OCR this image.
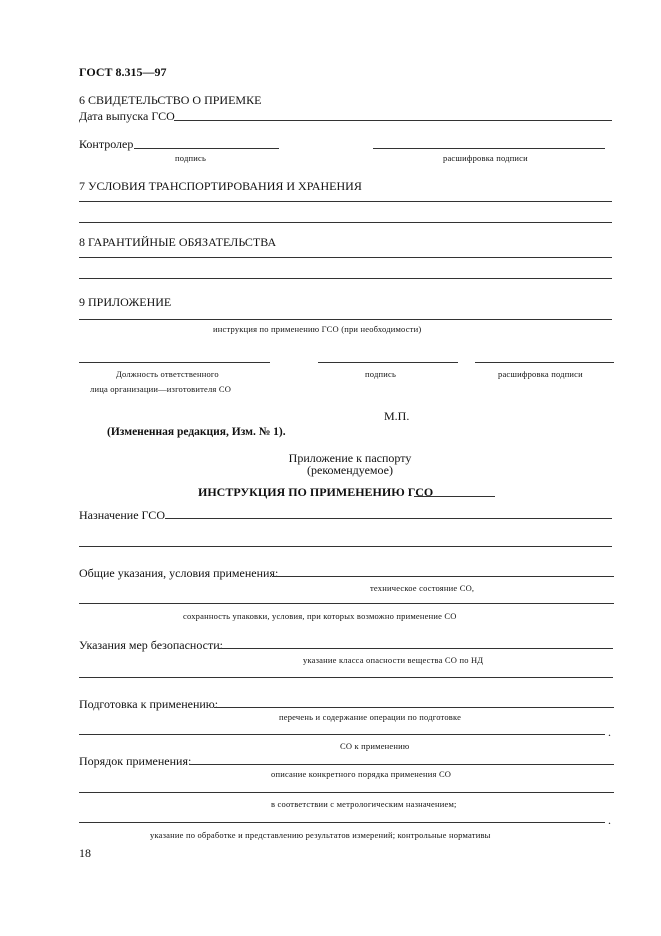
ГОСТ 8.315—97
6 СВИДЕТЕЛЬСТВО О ПРИЕМКЕ
Дата выпуска ГСО
Контролер
подпись	расшифровка подписи
7 УСЛОВИЯ ТРАНСПОРТИРОВАНИЯ И ХРАНЕНИЯ
8 ГАРАНТИЙНЫЕ ОБЯЗАТЕЛЬСТВА
9 ПРИЛОЖЕНИЕ
инструкция по применению ГСО (при необходимости)
Должность ответственного	подпись	расшифровка подписи
лица организации—изготовителя СО
М.П.
(Измененная редакция, Изм. № 1).
Приложение к паспорту
(рекомендуемое)
ИНСТРУКЦИЯ ПО ПРИМЕНЕНИЮ ГСО
Назначение ГСО
Общие указания, условия применения:
техническое состояние СО,
сохранность упаковки, условия, при которых возможно применение СО
Указания мер безопасности:
указание класса опасности вещества СО по НД
Подготовка к применению:
перечень и содержание операции по подготовке
.
СО к применению
Порядок применения:
описание конкретного порядка применения СО
в соответствии с метрологическим назначением;
.
указание по обработке и представлению результатов измерений; контрольные нормативы
18
